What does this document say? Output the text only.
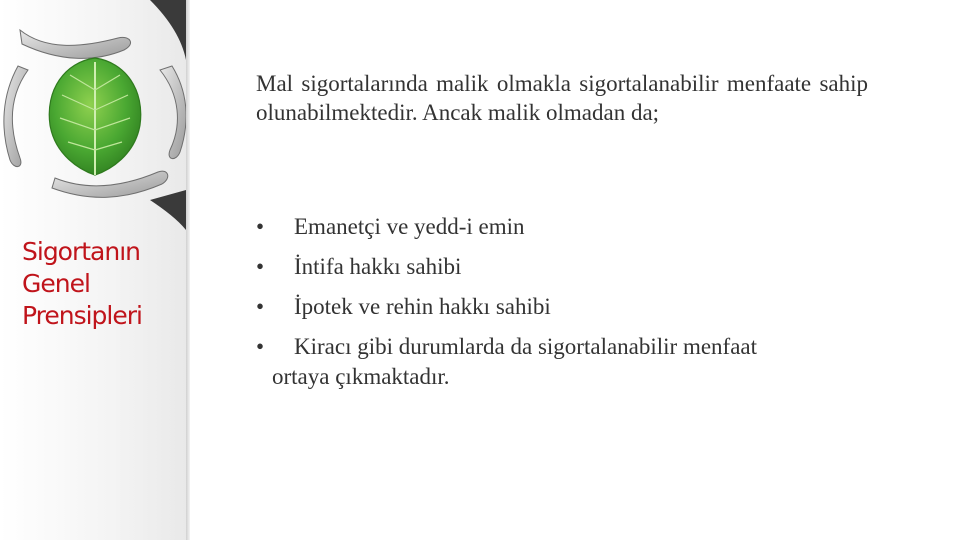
Sigortanın
Genel
Prensipleri
Mal sigortalarında malik olmakla sigortalanabilir menfaate sahip olunabilmektedir. Ancak malik olmadan da;
• Emanetçi ve yedd-i emin
• İntifa hakkı sahibi
• İpotek ve rehin hakkı sahibi
• Kiracı gibi durumlarda da sigortalanabilir menfaat
ortaya çıkmaktadır.
